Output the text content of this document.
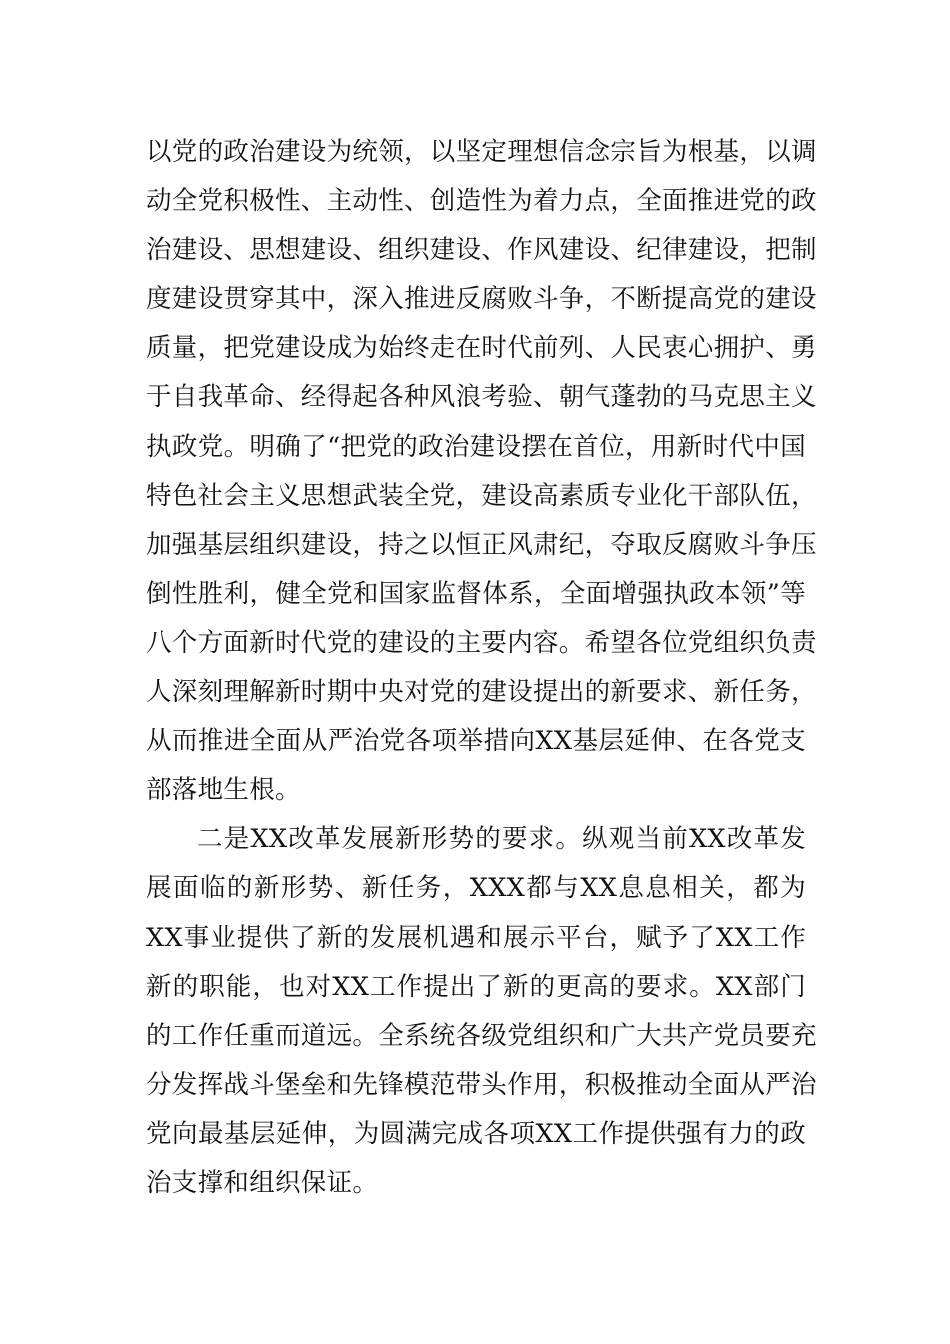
以党的政治建设为统领，以坚定理想信念宗旨为根基，以调
动全党积极性、主动性、创造性为着力点，全面推进党的政
治建设、思想建设、组织建设、作风建设、纪律建设，把制
度建设贯穿其中，深入推进反腐败斗争，不断提高党的建设
质量，把党建设成为始终走在时代前列、人民衷心拥护、勇
于自我革命、经得起各种风浪考验、朝气蓬勃的马克思主义
执政党。明确了“把党的政治建设摆在首位，用新时代中国
特色社会主义思想武装全党，建设高素质专业化干部队伍，
加强基层组织建设，持之以恒正风肃纪，夺取反腐败斗争压
倒性胜利，健全党和国家监督体系，全面增强执政本领”等
八个方面新时代党的建设的主要内容。希望各位党组织负责
人深刻理解新时期中央对党的建设提出的新要求、新任务，
从而推进全面从严治党各项举措向XX基层延伸、在各党支
部落地生根。
二是XX改革发展新形势的要求。纵观当前XX改革发
展面临的新形势、新任务，XXX都与XX息息相关，都为
XX事业提供了新的发展机遇和展示平台，赋予了XX工作
新的职能，也对XX工作提出了新的更高的要求。XX部门
的工作任重而道远。全系统各级党组织和广大共产党员要充
分发挥战斗堡垒和先锋模范带头作用，积极推动全面从严治
党向最基层延伸，为圆满完成各项XX工作提供强有力的政
治支撑和组织保证。
